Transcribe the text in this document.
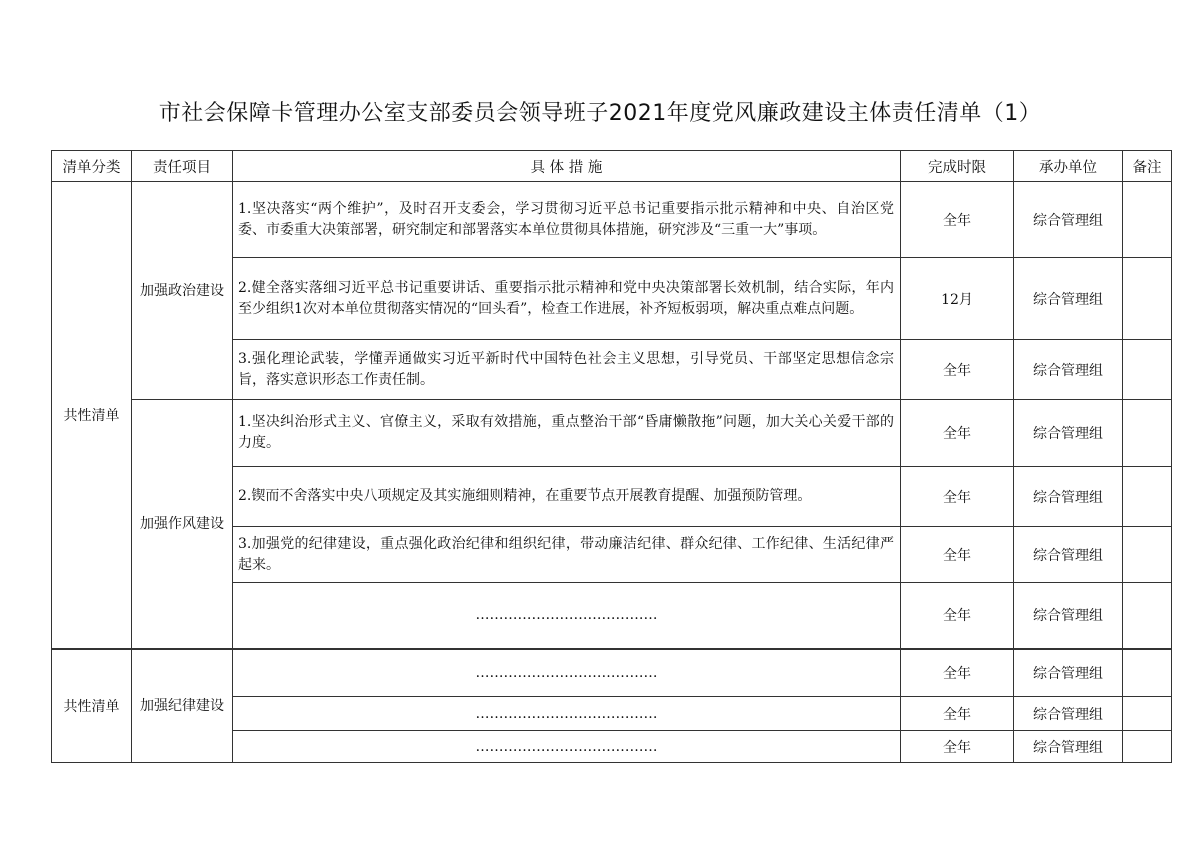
市社会保障卡管理办公室支部委员会领导班子2021年度党风廉政建设主体责任清单（1）
清单分类	责任项目	具 体 措 施	完成时限	承办单位	备注
共性清单	加强政治建设	1.坚决落实“两个维护”，及时召开支委会，学习贯彻习近平总书记重要指示批示精神和中央、自治区党委、市委重大决策部署，研究制定和部署落实本单位贯彻具体措施，研究涉及“三重一大”事项。	全年	综合管理组	
		2.健全落实落细习近平总书记重要讲话、重要指示批示精神和党中央决策部署长效机制，结合实际，年内至少组织1次对本单位贯彻落实情况的“回头看”，检查工作进展，补齐短板弱项，解决重点难点问题。	12月	综合管理组	
		3.强化理论武装，学懂弄通做实习近平新时代中国特色社会主义思想，引导党员、干部坚定思想信念宗旨，落实意识形态工作责任制。	全年	综合管理组	
	加强作风建设	1.坚决纠治形式主义、官僚主义，采取有效措施，重点整治干部“昏庸懒散拖”问题，加大关心关爱干部的力度。	全年	综合管理组	
		2.锲而不舍落实中央八项规定及其实施细则精神，在重要节点开展教育提醒、加强预防管理。	全年	综合管理组	
		3.加强党的纪律建设，重点强化政治纪律和组织纪律，带动廉洁纪律、群众纪律、工作纪律、生活纪律严起来。	全年	综合管理组	
		…………………………………	全年	综合管理组	
共性清单	加强纪律建设	…………………………………	全年	综合管理组	
		…………………………………	全年	综合管理组	
		…………………………………	全年	综合管理组	
